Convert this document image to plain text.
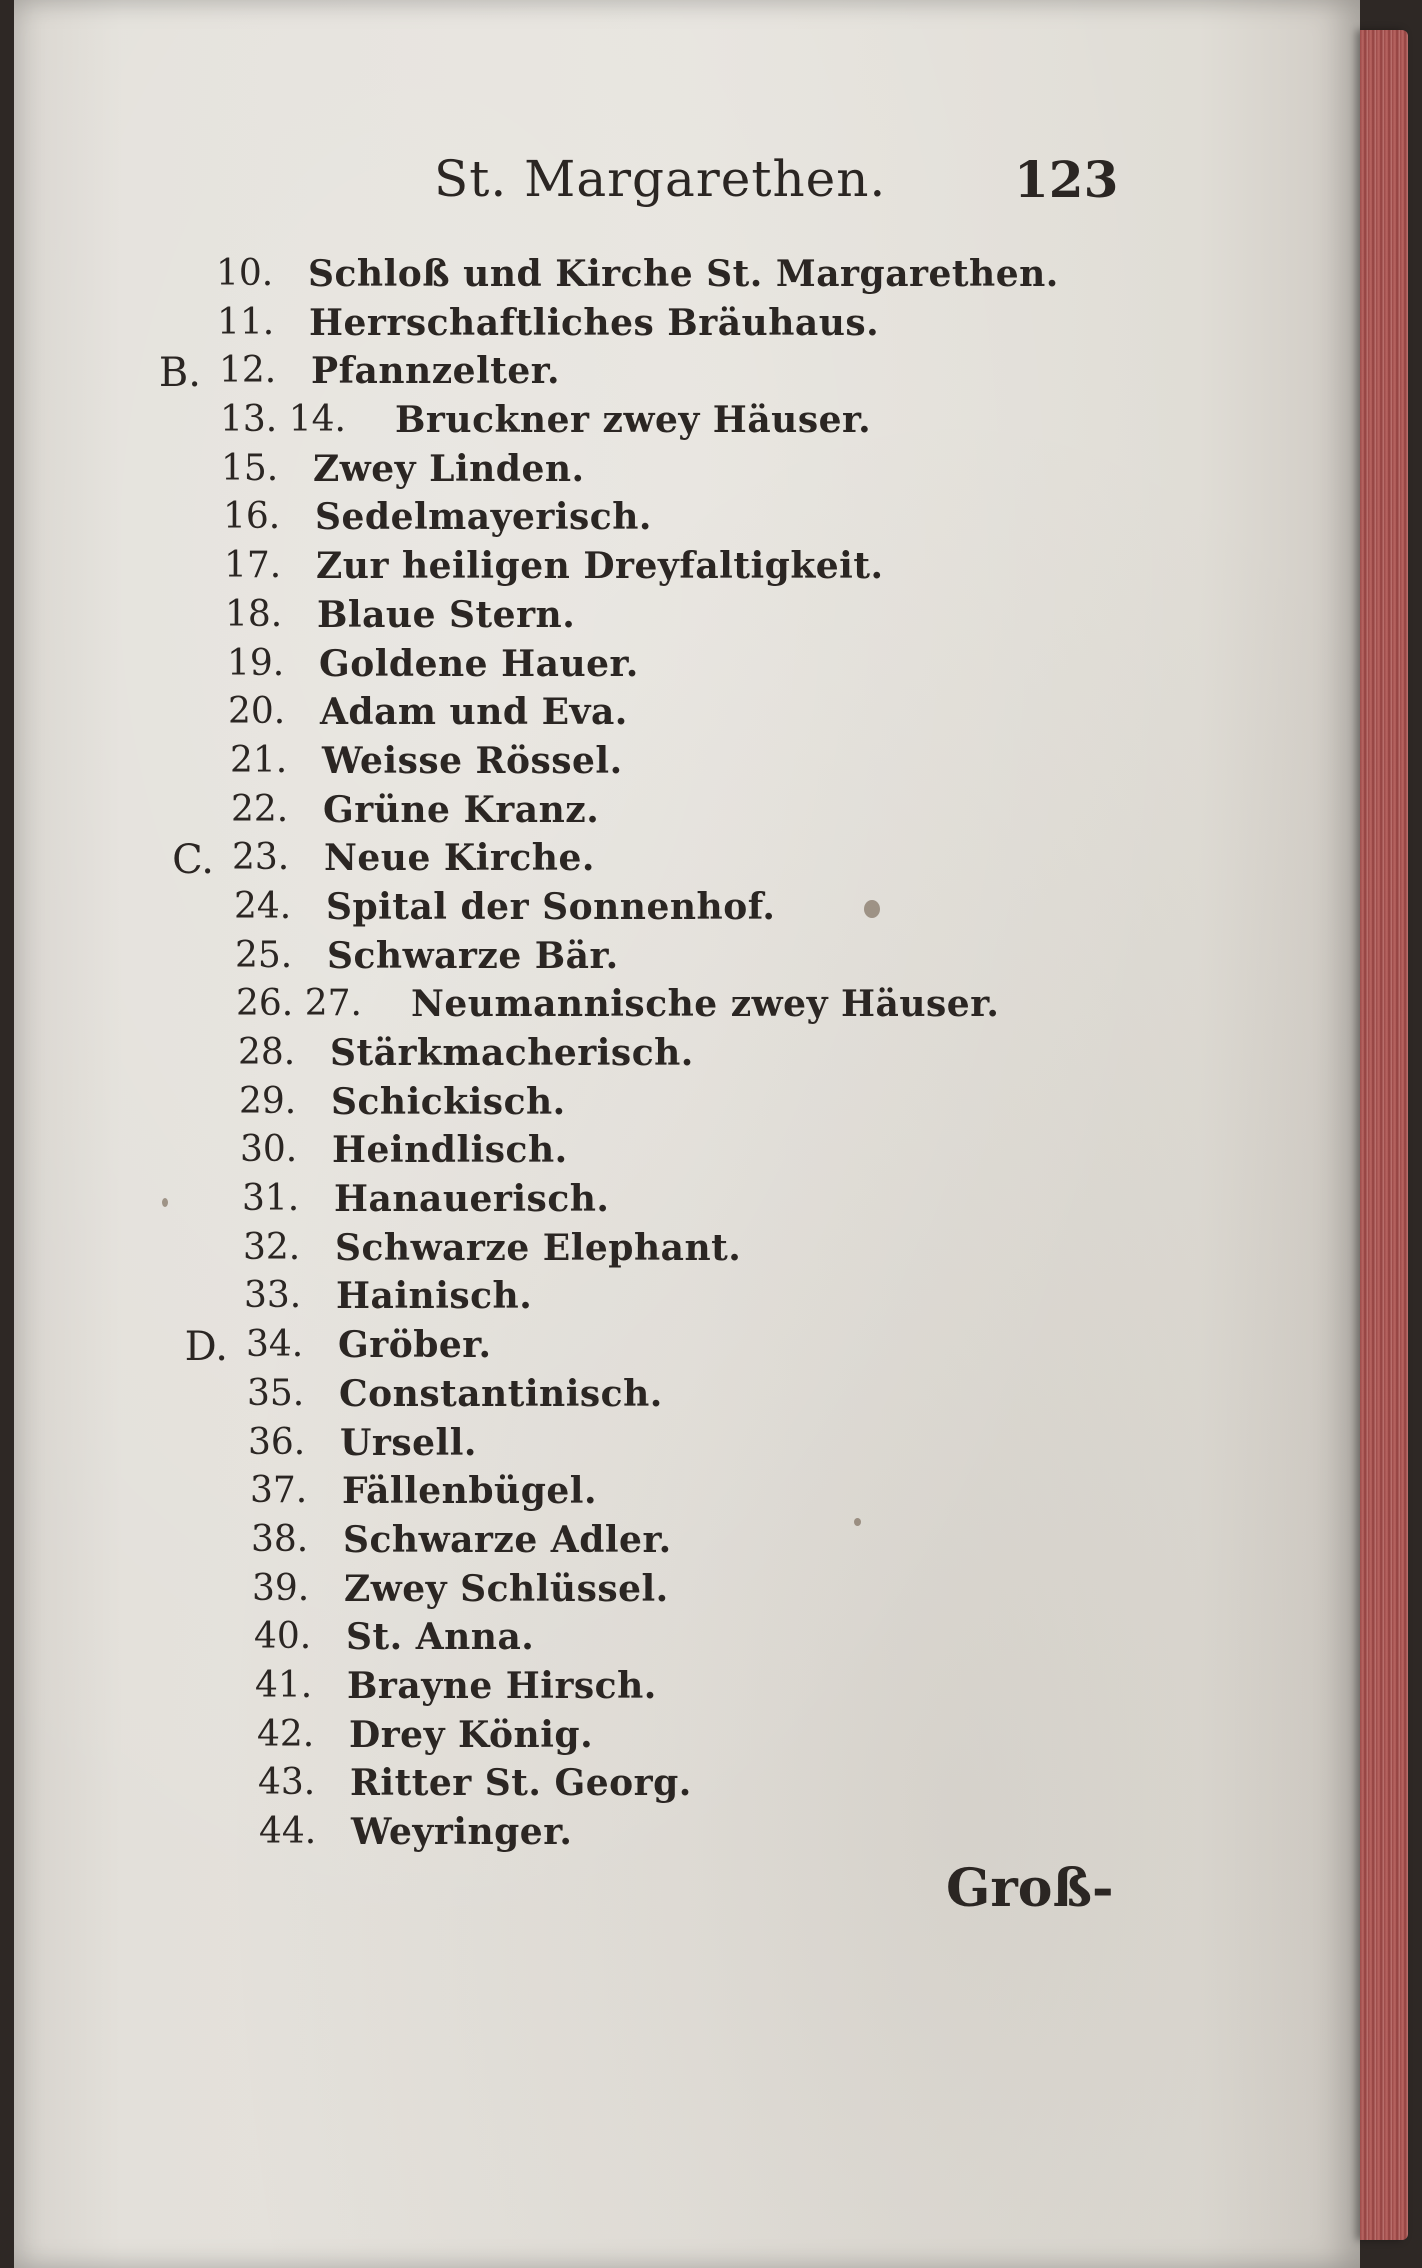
St. Margarethen.	123
10. Schloß und Kirche St. Margarethen.
11. Herrschaftliches Bräuhaus.
B. 12. Pfannzelter.
13. 14. Bruckner zwey Häuser.
15. Zwey Linden.
16. Sedelmayerisch.
17. Zur heiligen Dreyfaltigkeit.
18. Blaue Stern.
19. Goldene Hauer.
20. Adam und Eva.
21. Weisse Rössel.
22. Grüne Kranz.
C. 23. Neue Kirche.
24. Spital der Sonnenhof.
25. Schwarze Bär.
26. 27. Neumannische zwey Häuser.
28. Stärkmacherisch.
29. Schickisch.
30. Heindlisch.
31. Hanauerisch.
32. Schwarze Elephant.
33. Hainisch.
D. 34. Gröber.
35. Constantinisch.
36. Ursell.
37. Fällenbügel.
38. Schwarze Adler.
39. Zwey Schlüssel.
40. St. Anna.
41. Brayne Hirsch.
42. Drey König.
43. Ritter St. Georg.
44. Weyringer.
Groß-
